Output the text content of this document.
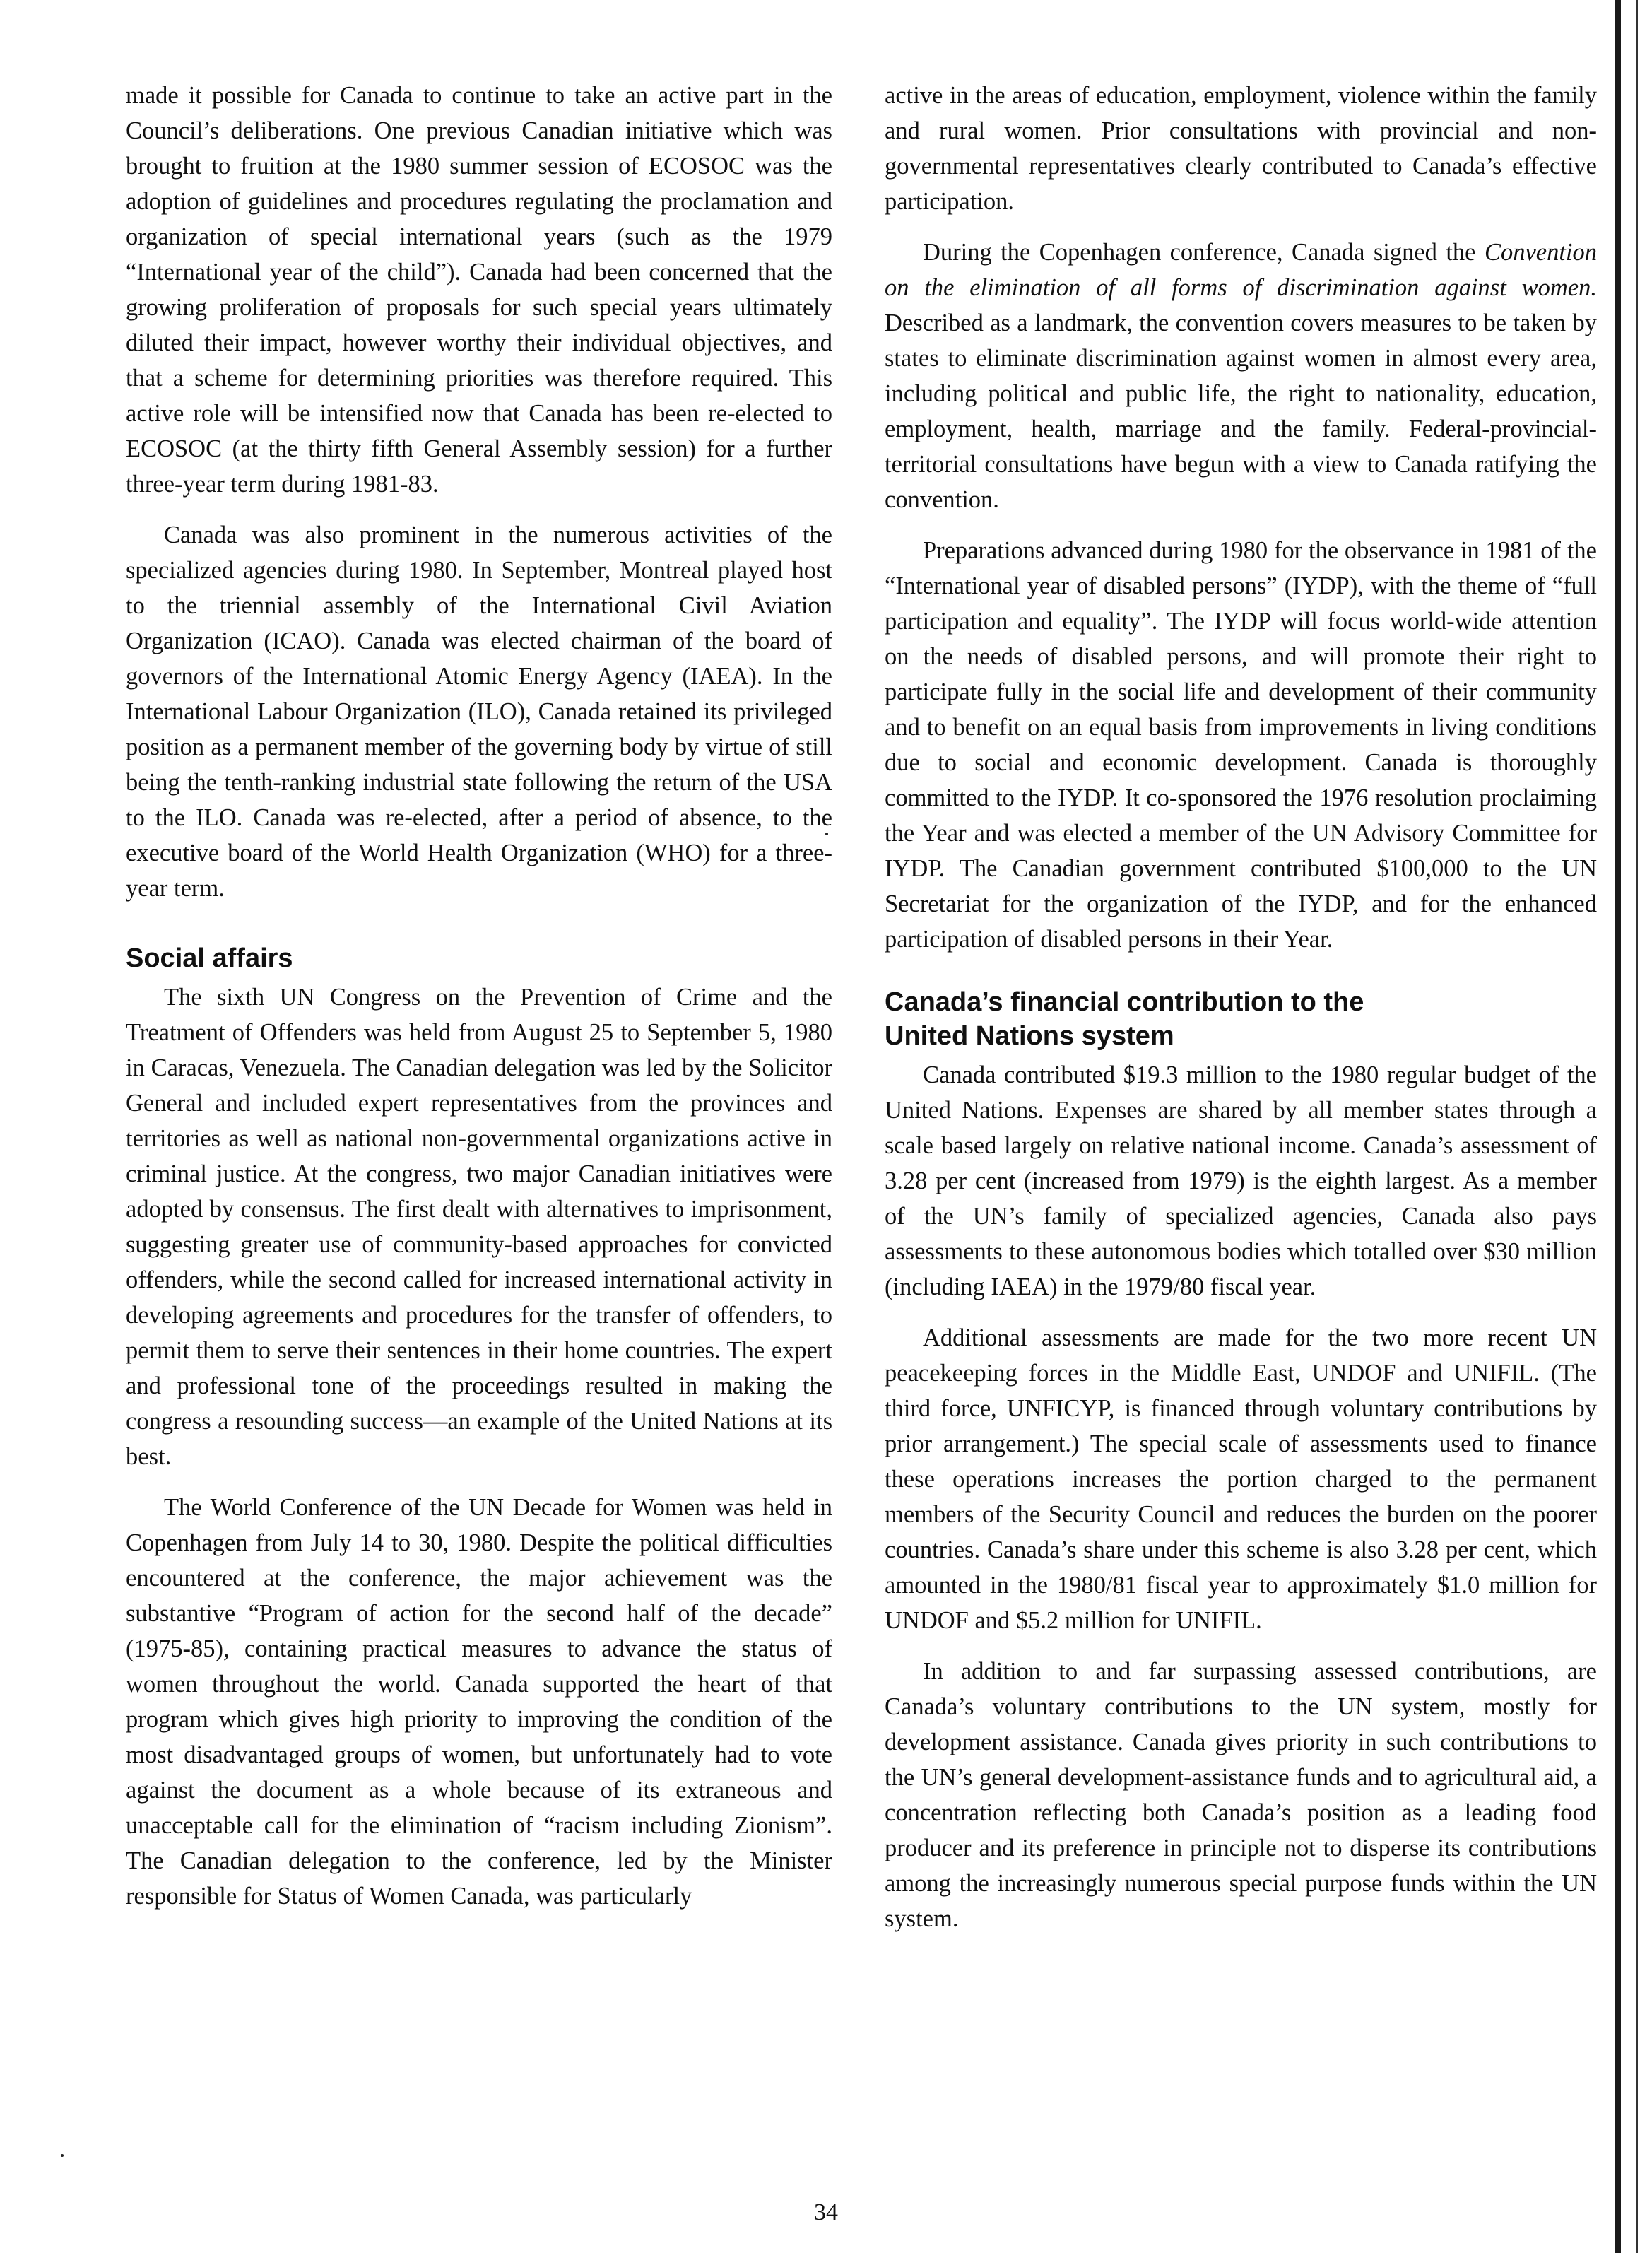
made it possible for Canada to continue to take an active part in the Council’s deliberations. One previous Canadian initiative which was brought to fruition at the 1980 summer session of ECOSOC was the adoption of guidelines and procedures regulating the proclamation and organization of special international years (such as the 1979 “International year of the child”). Canada had been concerned that the growing proliferation of proposals for such special years ultimately diluted their impact, however worthy their individual objectives, and that a scheme for determining priorities was therefore required. This active role will be intensified now that Canada has been re-elected to ECOSOC (at the thirty fifth General Assembly session) for a further three-year term during 1981-83.

Canada was also prominent in the numerous activities of the specialized agencies during 1980. In September, Montreal played host to the triennial assembly of the International Civil Aviation Organization (ICAO). Canada was elected chairman of the board of governors of the International Atomic Energy Agency (IAEA). In the International Labour Organization (ILO), Canada retained its privileged position as a permanent member of the governing body by virtue of still being the tenth-ranking industrial state following the return of the USA to the ILO. Canada was re-elected, after a period of absence, to the executive board of the World Health Organization (WHO) for a three-year term.

Social affairs

The sixth UN Congress on the Prevention of Crime and the Treatment of Offenders was held from August 25 to September 5, 1980 in Caracas, Venezuela. The Canadian delegation was led by the Solicitor General and included expert representatives from the provinces and territories as well as national non-governmental organizations active in criminal justice. At the congress, two major Canadian initiatives were adopted by consensus. The first dealt with alternatives to imprisonment, suggesting greater use of community-based approaches for convicted offenders, while the second called for increased international activity in developing agreements and procedures for the transfer of offenders, to permit them to serve their sentences in their home countries. The expert and professional tone of the proceedings resulted in making the congress a resounding success—an example of the United Nations at its best.

The World Conference of the UN Decade for Women was held in Copenhagen from July 14 to 30, 1980. Despite the political difficulties encountered at the conference, the major achievement was the substantive “Program of action for the second half of the decade” (1975-85), containing practical measures to advance the status of women throughout the world. Canada supported the heart of that program which gives high priority to improving the condition of the most disadvantaged groups of women, but unfortunately had to vote against the document as a whole because of its extraneous and unacceptable call for the elimination of “racism including Zionism”. The Canadian delegation to the conference, led by the Minister responsible for Status of Women Canada, was particularly

active in the areas of education, employment, violence within the family and rural women. Prior consultations with provincial and non-governmental representatives clearly contributed to Canada’s effective participation.

During the Copenhagen conference, Canada signed the Convention on the elimination of all forms of discrimination against women. Described as a landmark, the convention covers measures to be taken by states to eliminate discrimination against women in almost every area, including political and public life, the right to nationality, education, employment, health, marriage and the family. Federal-provincial-territorial consultations have begun with a view to Canada ratifying the convention.

Preparations advanced during 1980 for the observance in 1981 of the “International year of disabled persons” (IYDP), with the theme of “full participation and equality”. The IYDP will focus world-wide attention on the needs of disabled persons, and will promote their right to participate fully in the social life and development of their community and to benefit on an equal basis from improvements in living conditions due to social and economic development. Canada is thoroughly committed to the IYDP. It co-sponsored the 1976 resolution proclaiming the Year and was elected a member of the UN Advisory Committee for IYDP. The Canadian government contributed $100,000 to the UN Secretariat for the organization of the IYDP, and for the enhanced participation of disabled persons in their Year.

Canada’s financial contribution to the
United Nations system

Canada contributed $19.3 million to the 1980 regular budget of the United Nations. Expenses are shared by all member states through a scale based largely on relative national income. Canada’s assessment of 3.28 per cent (increased from 1979) is the eighth largest. As a member of the UN’s family of specialized agencies, Canada also pays assessments to these autonomous bodies which totalled over $30 million (including IAEA) in the 1979/80 fiscal year.

Additional assessments are made for the two more recent UN peacekeeping forces in the Middle East, UNDOF and UNIFIL. (The third force, UNFICYP, is financed through voluntary contributions by prior arrangement.) The special scale of assessments used to finance these operations increases the portion charged to the permanent members of the Security Council and reduces the burden on the poorer countries. Canada’s share under this scheme is also 3.28 per cent, which amounted in the 1980/81 fiscal year to approximately $1.0 million for UNDOF and $5.2 million for UNIFIL.

In addition to and far surpassing assessed contributions, are Canada’s voluntary contributions to the UN system, mostly for development assistance. Canada gives priority in such contributions to the UN’s general development-assistance funds and to agricultural aid, a concentration reflecting both Canada’s position as a leading food producer and its preference in principle not to disperse its contributions among the increasingly numerous special purpose funds within the UN system.

34
